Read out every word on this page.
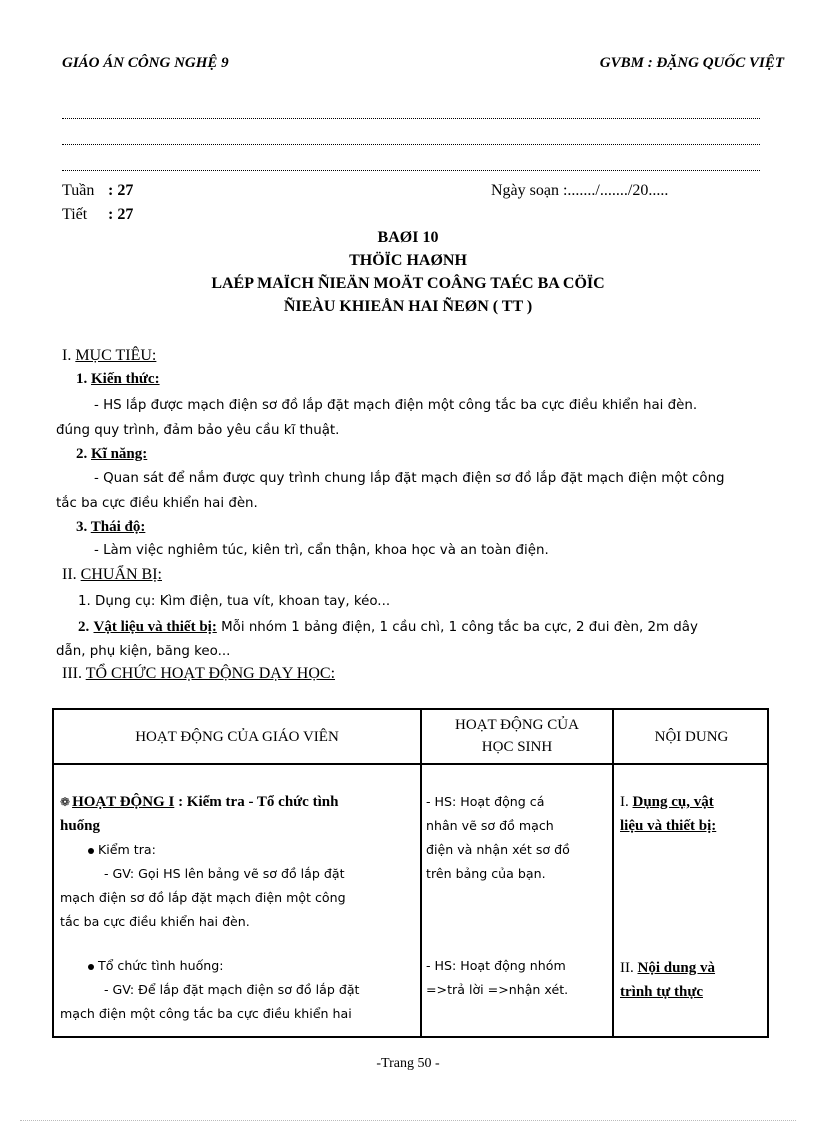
GIÁO ÁN CÔNG NGHỆ 9	GVBM : ĐẶNG QUỐC VIỆT
Tuần : 27
Tiết : 27
Ngày soạn :......./......./20.....
BAØI 10
THÖÏC HAØNH
LAÉP MAÏCH ÑIEÄN MOÄT COÂNG TAÉC BA CÖÏC
ÑIEÀU KHIEÅN HAI ÑEØN ( TT )
I. MỤC TIÊU:
1. Kiến thức:
- HS lắp được mạch điện sơ đồ lắp đặt mạch điện một công tắc ba cực điều khiển hai đèn.
đúng quy trình, đảm bảo yêu cầu kĩ thuật.
2. Kĩ năng:
- Quan sát để nắm được quy trình chung lắp đặt mạch điện sơ đồ lắp đặt mạch điện một công
tắc ba cực điều khiển hai đèn.
3. Thái độ:
- Làm việc nghiêm túc, kiên trì, cẩn thận, khoa học và an toàn điện.
II. CHUẨN BỊ:
1. Dụng cụ: Kìm điện, tua vít, khoan tay, kéo...
2. Vật liệu và thiết bị: Mỗi nhóm 1 bảng điện, 1 cầu chì, 1 công tắc ba cực, 2 đui đèn, 2m dây
dẫn, phụ kiện, băng keo...
III. TỔ CHỨC HOẠT ĐỘNG DẠY HỌC:
HOẠT ĐỘNG CỦA GIÁO VIÊN
HOẠT ĐỘNG CỦA
HỌC SINH
NỘI DUNG
❁ HOẠT ĐỘNG I : Kiểm tra - Tổ chức tình
huống
Kiểm tra:
- GV: Gọi HS lên bảng vẽ sơ đồ lắp đặt
mạch điện sơ đồ lắp đặt mạch điện một công
tắc ba cực điều khiển hai đèn.
Tổ chức tình huống:
- GV: Để lắp đặt mạch điện sơ đồ lắp đặt
mạch điện một công tắc ba cực điều khiển hai
- HS: Hoạt động cá
nhân vẽ sơ đồ mạch
điện và nhận xét sơ đồ
trên bảng của bạn.
- HS: Hoạt động nhóm
=>trả lời =>nhận xét.
I. Dụng cụ, vật
liệu và thiết bị:
II. Nội dung và
trình tự thực
-Trang 50 -
